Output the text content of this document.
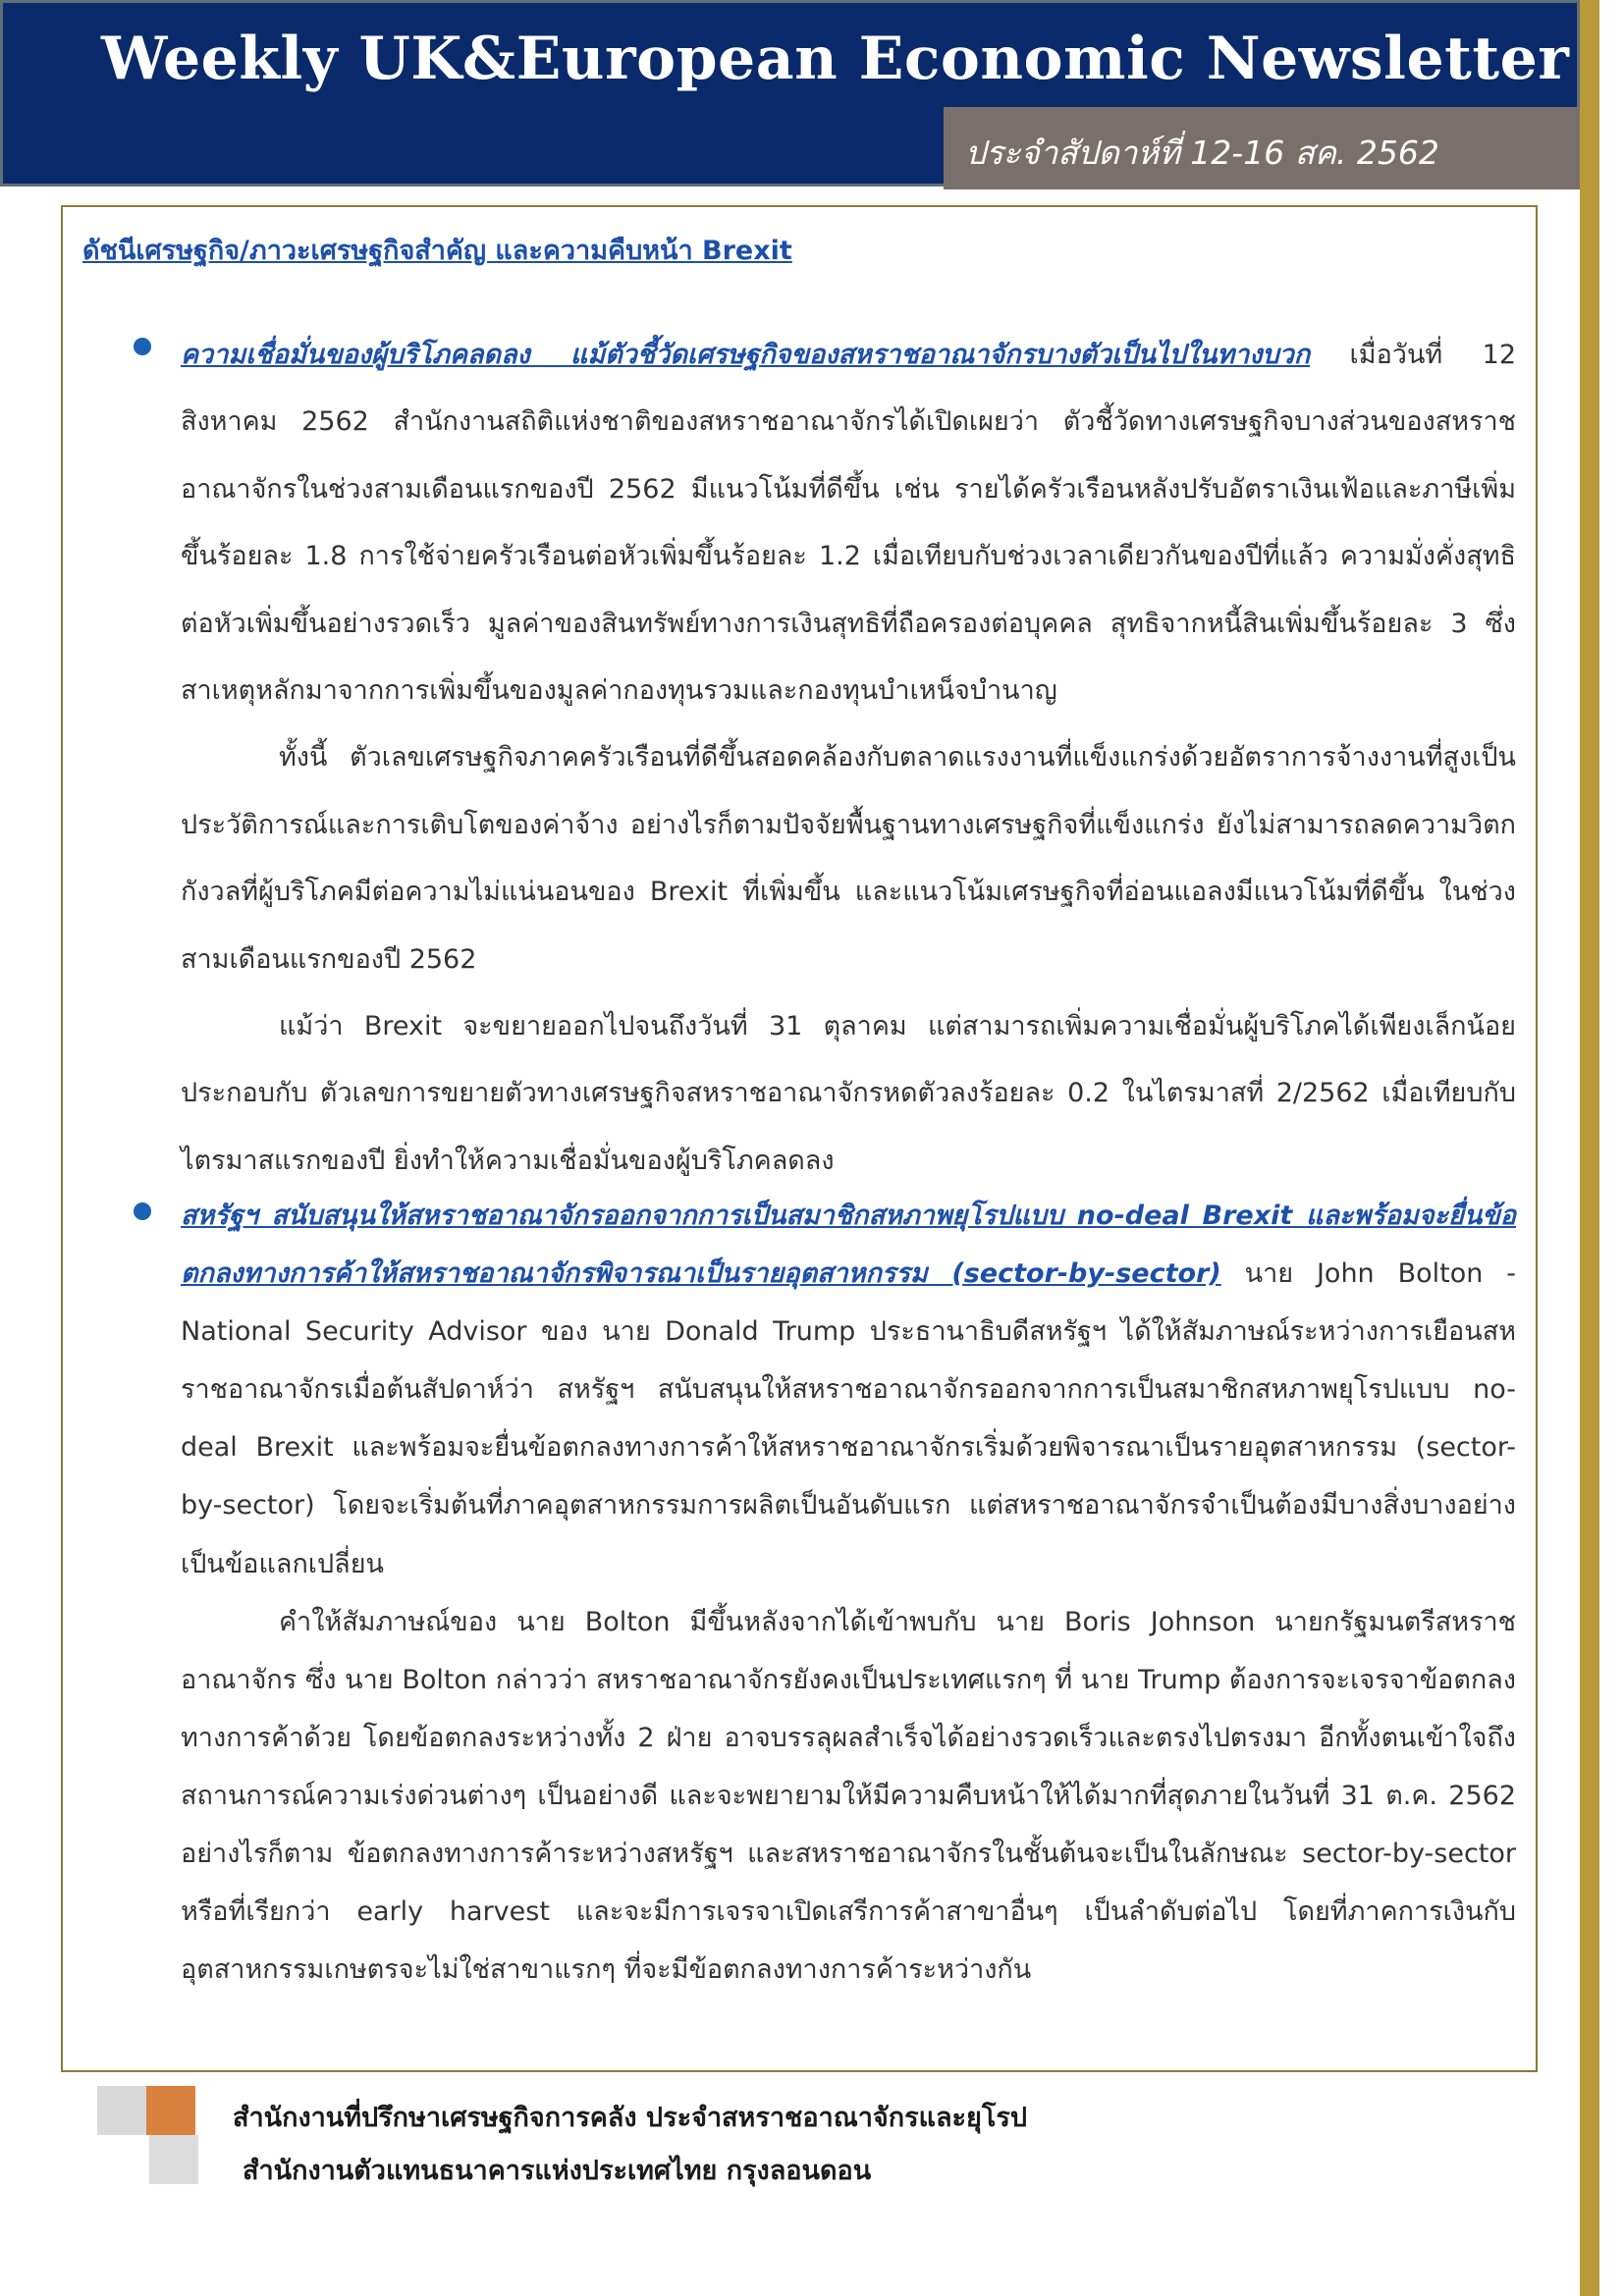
Weekly UK&European Economic Newsletter
ประจำสัปดาห์ที่ 12-16 สค. 2562

ดัชนีเศรษฐกิจ/ภาวะเศรษฐกิจสำคัญ และความคืบหน้า Brexit

ความเชื่อมั่นของผู้บริโภคลดลง แม้ตัวชี้วัดเศรษฐกิจของสหราชอาณาจักรบางตัวเป็นไปในทางบวก เมื่อวันที่ 12 สิงหาคม 2562 สำนักงานสถิติแห่งชาติของสหราชอาณาจักรได้เปิดเผยว่า ตัวชี้วัดทางเศรษฐกิจบางส่วนของสหราชอาณาจักรในช่วงสามเดือนแรกของปี 2562 มีแนวโน้มที่ดีขึ้น เช่น รายได้ครัวเรือนหลังปรับอัตราเงินเฟ้อและภาษีเพิ่มขึ้นร้อยละ 1.8 การใช้จ่ายครัวเรือนต่อหัวเพิ่มขึ้นร้อยละ 1.2 เมื่อเทียบกับช่วงเวลาเดียวกันของปีที่แล้ว ความมั่งคั่งสุทธิต่อหัวเพิ่มขึ้นอย่างรวดเร็ว มูลค่าของสินทรัพย์ทางการเงินสุทธิที่ถือครองต่อบุคคล สุทธิจากหนี้สินเพิ่มขึ้นร้อยละ 3 ซึ่งสาเหตุหลักมาจากการเพิ่มขึ้นของมูลค่ากองทุนรวมและกองทุนบำเหน็จบำนาญ

ทั้งนี้ ตัวเลขเศรษฐกิจภาคครัวเรือนที่ดีขึ้นสอดคล้องกับตลาดแรงงานที่แข็งแกร่งด้วยอัตราการจ้างงานที่สูงเป็นประวัติการณ์และการเติบโตของค่าจ้าง อย่างไรก็ตามปัจจัยพื้นฐานทางเศรษฐกิจที่แข็งแกร่ง ยังไม่สามารถลดความวิตกกังวลที่ผู้บริโภคมีต่อความไม่แน่นอนของ Brexit ที่เพิ่มขึ้น และแนวโน้มเศรษฐกิจที่อ่อนแอลงมีแนวโน้มที่ดีขึ้น ในช่วงสามเดือนแรกของปี 2562

แม้ว่า Brexit จะขยายออกไปจนถึงวันที่ 31 ตุลาคม แต่สามารถเพิ่มความเชื่อมั่นผู้บริโภคได้เพียงเล็กน้อย ประกอบกับ ตัวเลขการขยายตัวทางเศรษฐกิจสหราชอาณาจักรหดตัวลงร้อยละ 0.2 ในไตรมาสที่ 2/2562 เมื่อเทียบกับไตรมาสแรกของปี ยิ่งทำให้ความเชื่อมั่นของผู้บริโภคลดลง

สหรัฐฯ สนับสนุนให้สหราชอาณาจักรออกจากการเป็นสมาชิกสหภาพยุโรปแบบ no-deal Brexit และพร้อมจะยื่นข้อตกลงทางการค้าให้สหราชอาณาจักรพิจารณาเป็นรายอุตสาหกรรม (sector-by-sector) นาย John Bolton - National Security Advisor ของ นาย Donald Trump ประธานาธิบดีสหรัฐฯ ได้ให้สัมภาษณ์ระหว่างการเยือนสหราชอาณาจักรเมื่อต้นสัปดาห์ว่า สหรัฐฯ สนับสนุนให้สหราชอาณาจักรออกจากการเป็นสมาชิกสหภาพยุโรปแบบ no-deal Brexit และพร้อมจะยื่นข้อตกลงทางการค้าให้สหราชอาณาจักรเริ่มด้วยพิจารณาเป็นรายอุตสาหกรรม (sector-by-sector) โดยจะเริ่มต้นที่ภาคอุตสาหกรรมการผลิตเป็นอันดับแรก แต่สหราชอาณาจักรจำเป็นต้องมีบางสิ่งบางอย่างเป็นข้อแลกเปลี่ยน

คำให้สัมภาษณ์ของ นาย Bolton มีขึ้นหลังจากได้เข้าพบกับ นาย Boris Johnson นายกรัฐมนตรีสหราชอาณาจักร ซึ่ง นาย Bolton กล่าวว่า สหราชอาณาจักรยังคงเป็นประเทศแรกๆ ที่ นาย Trump ต้องการจะเจรจาข้อตกลงทางการค้าด้วย โดยข้อตกลงระหว่างทั้ง 2 ฝ่าย อาจบรรลุผลสำเร็จได้อย่างรวดเร็วและตรงไปตรงมา อีกทั้งตนเข้าใจถึงสถานการณ์ความเร่งด่วนต่างๆ เป็นอย่างดี และจะพยายามให้มีความคืบหน้าให้ได้มากที่สุดภายในวันที่ 31 ต.ค. 2562 อย่างไรก็ตาม ข้อตกลงทางการค้าระหว่างสหรัฐฯ และสหราชอาณาจักรในชั้นต้นจะเป็นในลักษณะ sector-by-sector หรือที่เรียกว่า early harvest และจะมีการเจรจาเปิดเสรีการค้าสาขาอื่นๆ เป็นลำดับต่อไป โดยที่ภาคการเงินกับอุตสาหกรรมเกษตรจะไม่ใช่สาขาแรกๆ ที่จะมีข้อตกลงทางการค้าระหว่างกัน

สำนักงานที่ปรึกษาเศรษฐกิจการคลัง ประจำสหราชอาณาจักรและยุโรป
สำนักงานตัวแทนธนาคารแห่งประเทศไทย กรุงลอนดอน
